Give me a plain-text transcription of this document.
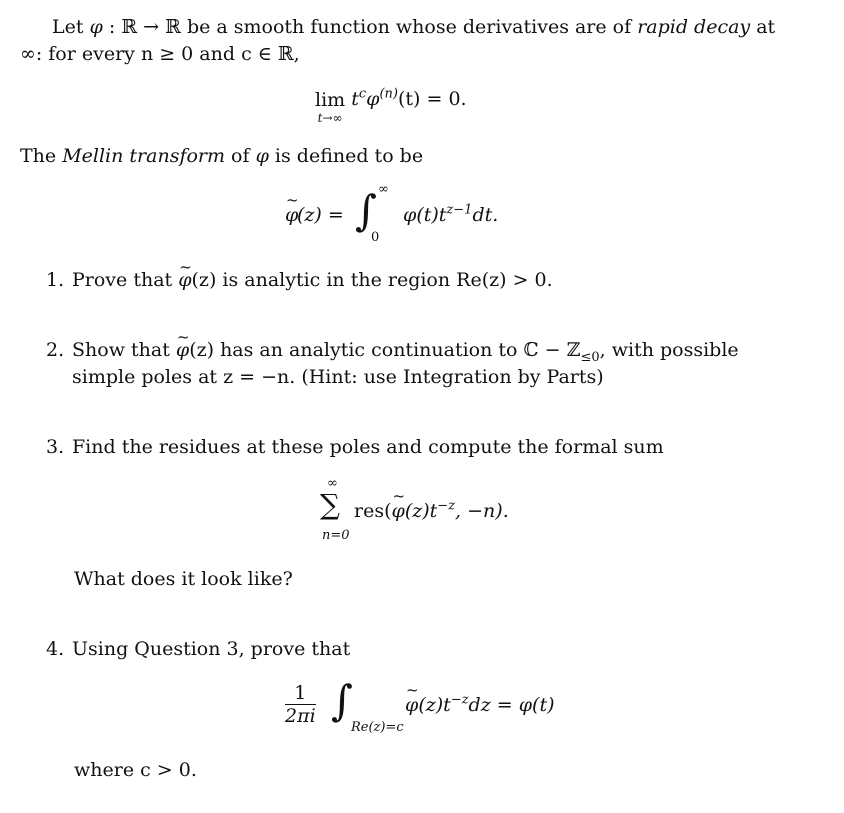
Let φ : ℝ → ℝ be a smooth function whose derivatives are of rapid decay at
∞: for every n ≥ 0 and c ∈ ℝ,
lim
t→∞
$t^c\varphi^{(n)}(t) = 0$.
The Mellin transform of φ is defined to be
~ φ
(z) = ∫ ∞
0
$\varphi(t)t^{z-1}dt$.
1. Prove that ~ φ(z) is analytic in the region Re(z) > 0.
2. Show that ~ φ(z) has an analytic continuation to ℂ − ℤ$_{\le 0}$, with possible
simple poles at z = −n. (Hint: use Integration by Parts)
3. Find the residues at these poles and compute the formal sum
∞
∑
n=0
res(~ $\varphi(z)t^{-z}$, −n).
What does it look like?
4. Using Question 3, prove that
$\frac{1}{2\pi i}$ ∫
Re(z)=c
~ $\varphi(z)t^{-z}dz = \varphi(t)$
where c > 0.
